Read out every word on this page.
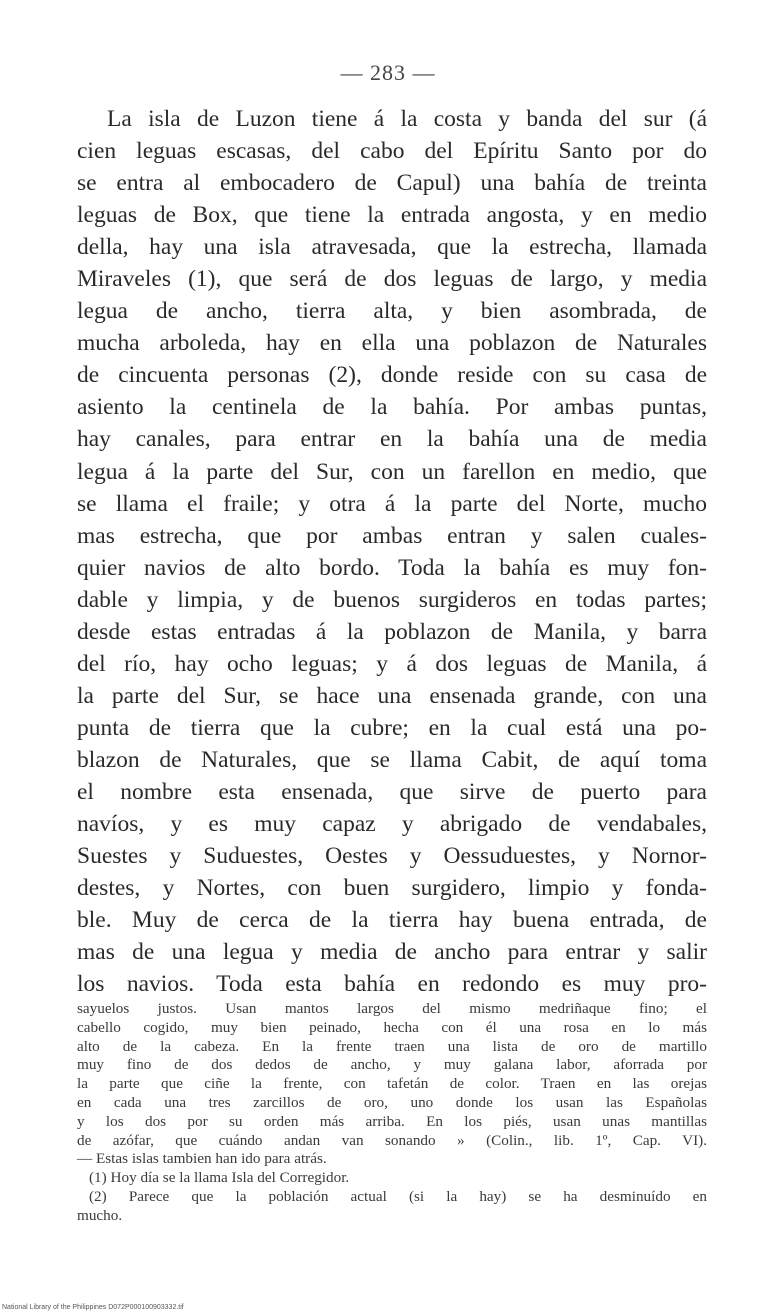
— 283 —
La isla de Luzon tiene á la costa y banda del sur (á
cien leguas escasas, del cabo del Epíritu Santo por do
se entra al embocadero de Capul) una bahía de treinta
leguas de Box, que tiene la entrada angosta, y en medio
della, hay una isla atravesada, que la estrecha, llamada
Miraveles (1), que será de dos leguas de largo, y media
legua de ancho, tierra alta, y bien asombrada, de
mucha arboleda, hay en ella una poblazon de Naturales
de cincuenta personas (2), donde reside con su casa de
asiento la centinela de la bahía. Por ambas puntas,
hay canales, para entrar en la bahía una de media
legua á la parte del Sur, con un farellon en medio, que
se llama el fraile; y otra á la parte del Norte, mucho
mas estrecha, que por ambas entran y salen cuales-
quier navios de alto bordo. Toda la bahía es muy fon-
dable y limpia, y de buenos surgideros en todas partes;
desde estas entradas á la poblazon de Manila, y barra
del río, hay ocho leguas; y á dos leguas de Manila, á
la parte del Sur, se hace una ensenada grande, con una
punta de tierra que la cubre; en la cual está una po-
blazon de Naturales, que se llama Cabit, de aquí toma
el nombre esta ensenada, que sirve de puerto para
navíos, y es muy capaz y abrigado de vendabales,
Suestes y Suduestes, Oestes y Oessuduestes, y Nornor-
destes, y Nortes, con buen surgidero, limpio y fonda-
ble. Muy de cerca de la tierra hay buena entrada, de
mas de una legua y media de ancho para entrar y salir
los navios. Toda esta bahía en redondo es muy pro-
sayuelos justos. Usan mantos largos del mismo medriñaque fino; el
cabello cogido, muy bien peinado, hecha con él una rosa en lo más
alto de la cabeza. En la frente traen una lista de oro de martillo
muy fino de dos dedos de ancho, y muy galana labor, aforrada por
la parte que ciñe la frente, con tafetán de color. Traen en las orejas
en cada una tres zarcillos de oro, uno donde los usan las Españolas
y los dos por su orden más arriba. En los piés, usan unas mantillas
de azófar, que cuándo andan van sonando » (Colin., lib. 1º, Cap. VI).
— Estas islas tambien han ido para atrás.
(1) Hoy día se la llama Isla del Corregidor.
(2) Parece que la población actual (si la hay) se ha desminuído en
mucho.
National Library of the Philippines D072P000100903332.tif
